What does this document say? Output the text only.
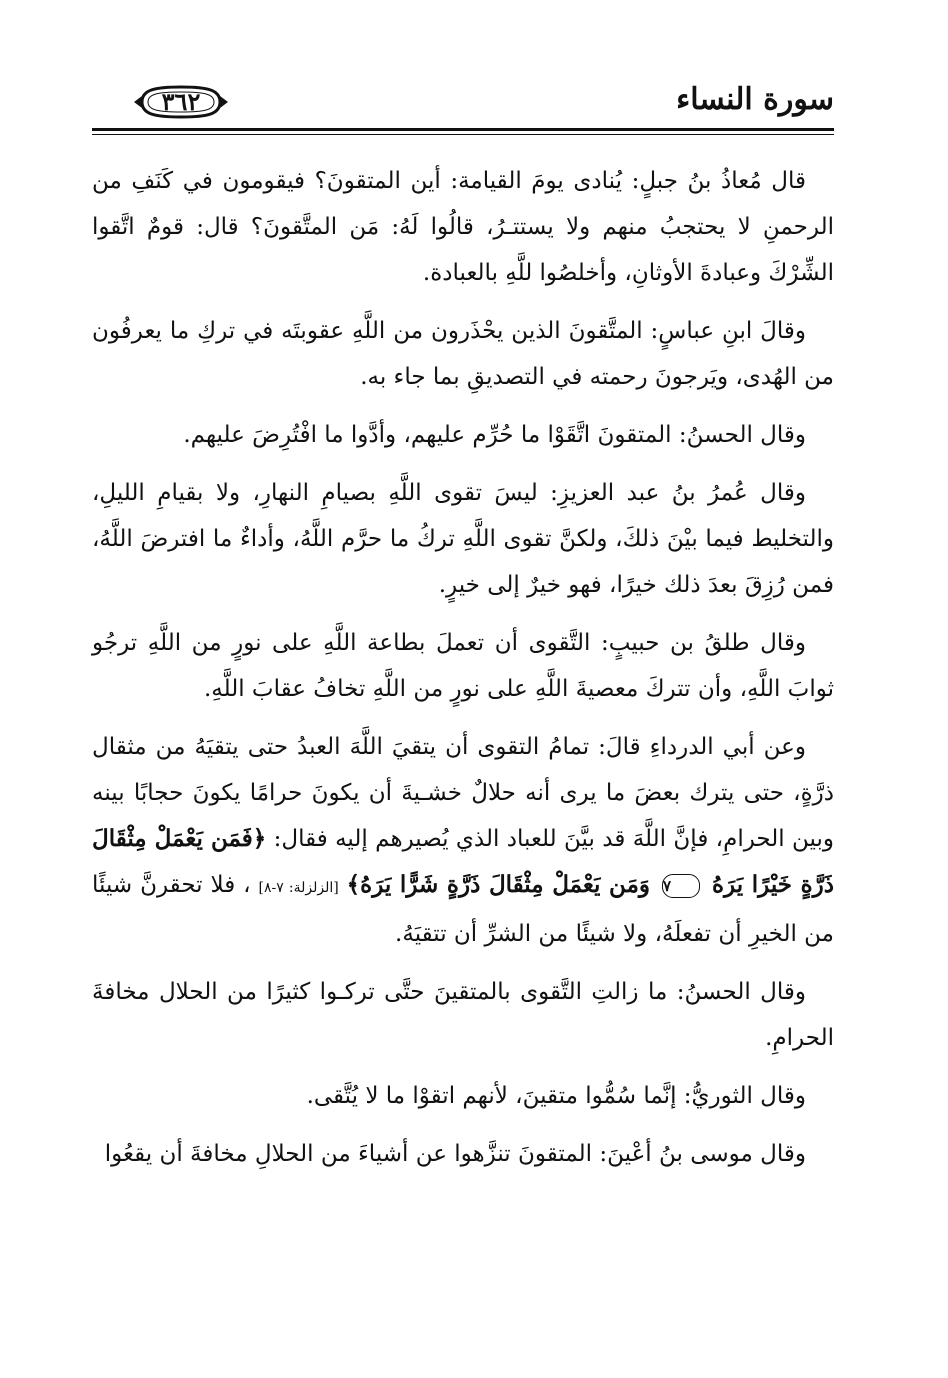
٣٦٢	سورة النساء

قال مُعاذُ بنُ جبلٍ: يُنادى يومَ القيامة: أين المتقونَ؟ فيقومون في كَنَفِ من الرحمنِ لا يحتجبُ منهم ولا يستتـرُ، قالُوا لَهُ: مَن المتَّقونَ؟ قال: قومٌ اتَّقوا الشِّرْكَ وعبادةَ الأوثانِ، وأخلصُوا للَّهِ بالعبادة.

وقالَ ابنِ عباسٍ: المتَّقونَ الذين يحْذَرون من اللَّهِ عقوبتَه في تركِ ما يعرفُون من الهُدى، ويَرجونَ رحمته في التصديقِ بما جاء به.

وقال الحسنُ: المتقونَ اتَّقَوْا ما حُرِّم عليهم، وأدَّوا ما افْتُرِضَ عليهم.

وقال عُمرُ بنُ عبد العزيزِ: ليسَ تقوى اللَّهِ بصيامِ النهارِ، ولا بقيامِ الليلِ، والتخليط فيما بيْنَ ذلكَ، ولكنَّ تقوى اللَّهِ تركُ ما حرَّم اللَّهُ، وأداءٌ ما افترضَ اللَّهُ، فمن رُزِقَ بعدَ ذلك خيرًا، فهو خيرٌ إلى خيرٍ.

وقال طلقُ بن حبيبٍ: التَّقوى أن تعملَ بطاعة اللَّهِ على نورٍ من اللَّهِ ترجُو ثوابَ اللَّهِ، وأن تتركَ معصيةَ اللَّهِ على نورٍ من اللَّهِ تخافُ عقابَ اللَّهِ.

وعن أبي الدرداءِ قالَ: تمامُ التقوى أن يتقيَ اللَّهَ العبدُ حتى يتقيَهُ من مثقال ذرَّةٍ، حتى يترك بعضَ ما يرى أنه حلالٌ خشـيةَ أن يكونَ حرامًا يكونَ حجابًا بينه وبين الحرامِ، فإنَّ اللَّهَ قد بيَّنَ للعباد الذي يُصيرهم إليه فقال: ﴿فَمَن يَعْمَلْ مِثْقَالَ ذَرَّةٍ خَيْرًا يَرَهُ ٧ وَمَن يَعْمَلْ مِثْقَالَ ذَرَّةٍ شَرًّا يَرَهُ﴾ [الزلزلة: ٧-٨] ، فلا تحقرنَّ شيئًا من الخيرِ أن تفعلَهُ، ولا شيئًا من الشرِّ أن تتقيَهُ.

وقال الحسنُ: ما زالتِ التَّقوى بالمتقينَ حتَّى تركـوا كثيرًا من الحلال مخافةَ الحرامِ.

وقال الثوريُّ: إنَّما سُمُّوا متقينَ، لأنهم اتقوْا ما لا يُتَّقى.

وقال موسى بنُ أعْينَ: المتقونَ تنزَّهوا عن أشياءَ من الحلالِ مخافةَ أن يقعُوا
